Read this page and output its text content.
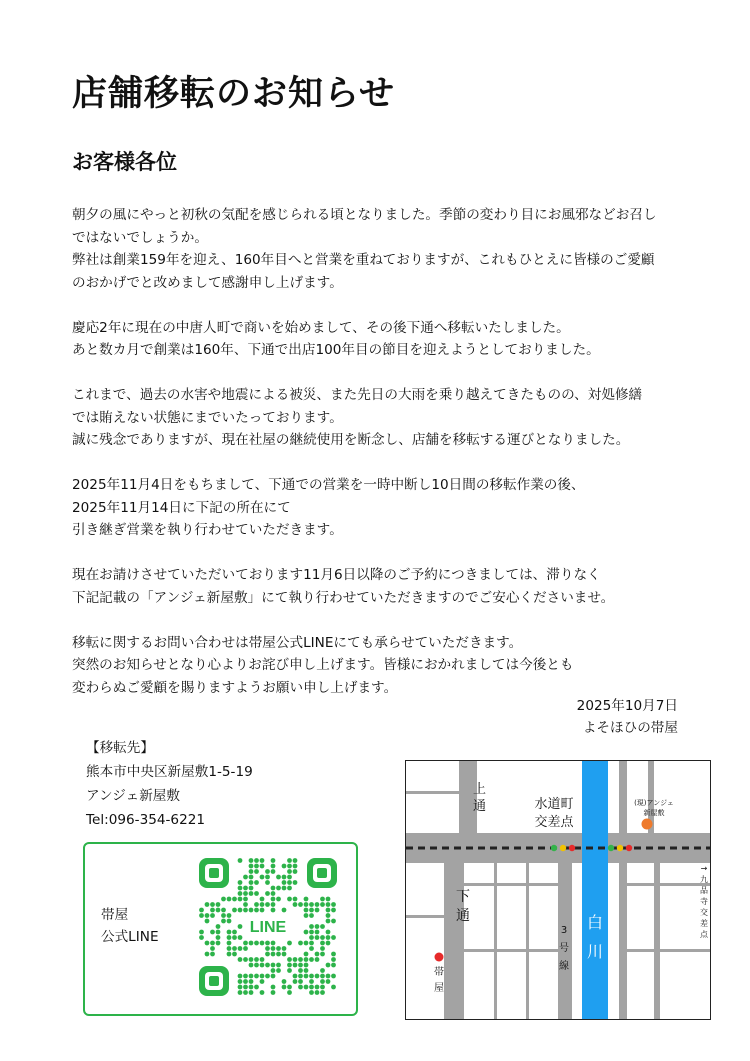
店舗移転のお知らせ
お客様各位

朝夕の風にやっと初秋の気配を感じられる頃となりました。季節の変わり目にお風邪などお召し
ではないでしょうか。
弊社は創業159年を迎え、160年目へと営業を重ねておりますが、これもひとえに皆様のご愛顧
のおかげでと改めまして感謝申し上げます。

慶応2年に現在の中唐人町で商いを始めまして、その後下通へ移転いたしました。
あと数カ月で創業は160年、下通で出店100年目の節目を迎えようとしておりました。

これまで、過去の水害や地震による被災、また先日の大雨を乗り越えてきたものの、対処修繕
では賄えない状態にまでいたっております。
誠に残念でありますが、現在社屋の継続使用を断念し、店舗を移転する運びとなりました。

2025年11月4日をもちまして、下通での営業を一時中断し10日間の移転作業の後、
2025年11月14日に下記の所在にて
引き継ぎ営業を執り行わせていただきます。

現在お請けさせていただいております11月6日以降のご予約につきましては、滞りなく
下記記載の「アンジェ新屋敷」にて執り行わせていただきますのでご安心くださいませ。

移転に関するお問い合わせは帯屋公式LINEにても承らせていただきます。
突然のお知らせとなり心よりお詫び申し上げます。皆様におかれましては今後とも
変わらぬご愛顧を賜りますようお願い申し上げます。

2025年10月7日
よそほひの帯屋
【移転先】
熊本市中央区新屋敷1-5-19
アンジェ新屋敷
Tel:096-354-6221
帯屋
公式LINE
LINE
上
通	水道町
交差点
(現)アンジェ
新屋敷
下
通
3
号
線
白
川
帯
屋
→
九
品
寺
交
差
点
